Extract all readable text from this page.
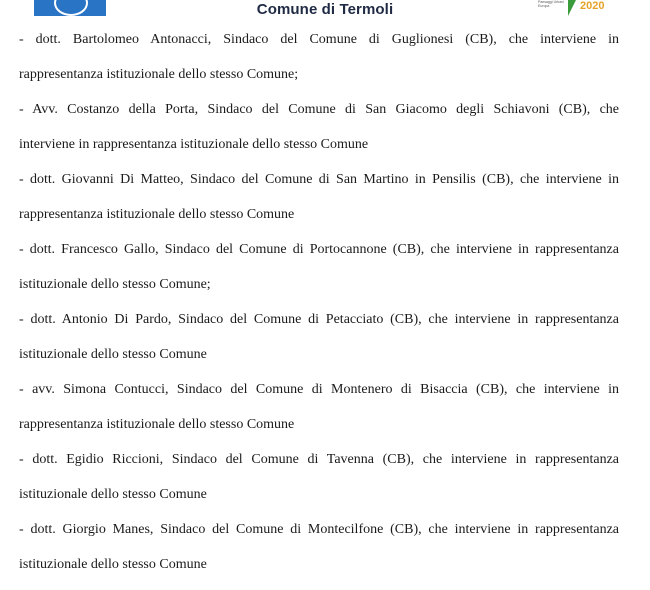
Comune di Termoli	Paesaggi Urbani Europa	2020
- dott. Bartolomeo Antonacci, Sindaco del Comune di Guglionesi (CB), che interviene in
rappresentanza istituzionale dello stesso Comune;
- Avv. Costanzo della Porta, Sindaco del Comune di San Giacomo degli Schiavoni (CB), che
interviene in rappresentanza istituzionale dello stesso Comune
- dott. Giovanni Di Matteo, Sindaco del Comune di San Martino in Pensilis (CB), che interviene in
rappresentanza istituzionale dello stesso Comune
- dott. Francesco Gallo, Sindaco del Comune di Portocannone (CB), che interviene in rappresentanza
istituzionale dello stesso Comune;
- dott. Antonio Di Pardo, Sindaco del Comune di Petacciato (CB), che interviene in rappresentanza
istituzionale dello stesso Comune
- avv. Simona Contucci, Sindaco del Comune di Montenero di Bisaccia (CB), che interviene in
rappresentanza istituzionale dello stesso Comune
- dott. Egidio Riccioni, Sindaco del Comune di Tavenna (CB), che interviene in rappresentanza
istituzionale dello stesso Comune
- dott. Giorgio Manes, Sindaco del Comune di Montecilfone (CB), che interviene in rappresentanza
istituzionale dello stesso Comune
